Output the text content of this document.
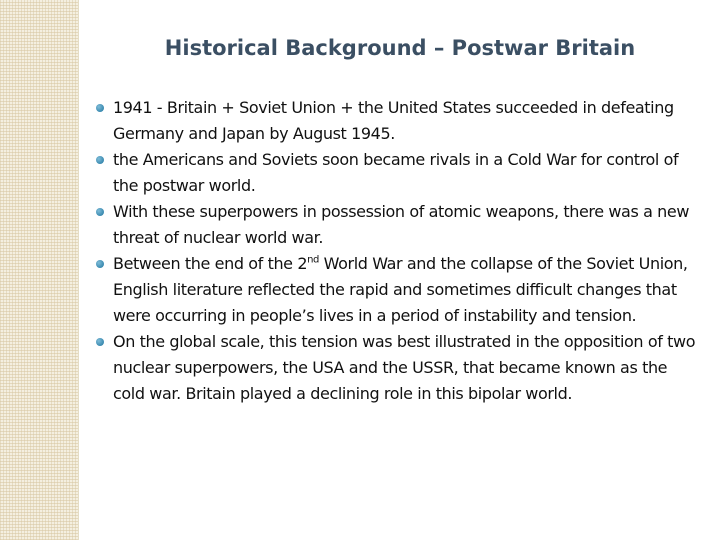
Historical Background – Postwar Britain
1941 - Britain + Soviet Union + the United States succeeded in defeating Germany and Japan by August 1945.
the Americans and Soviets soon became rivals in a Cold War for control of the postwar world.
With these superpowers in possession of atomic weapons, there was a new threat of nuclear world war.
Between the end of the 2nd World War and the collapse of the Soviet Union, English literature reflected the rapid and sometimes difficult changes that were occurring in people’s lives in a period of instability and tension.
On the global scale, this tension was best illustrated in the opposition of two nuclear superpowers, the USA and the USSR, that became known as the cold war. Britain played a declining role in this bipolar world.
